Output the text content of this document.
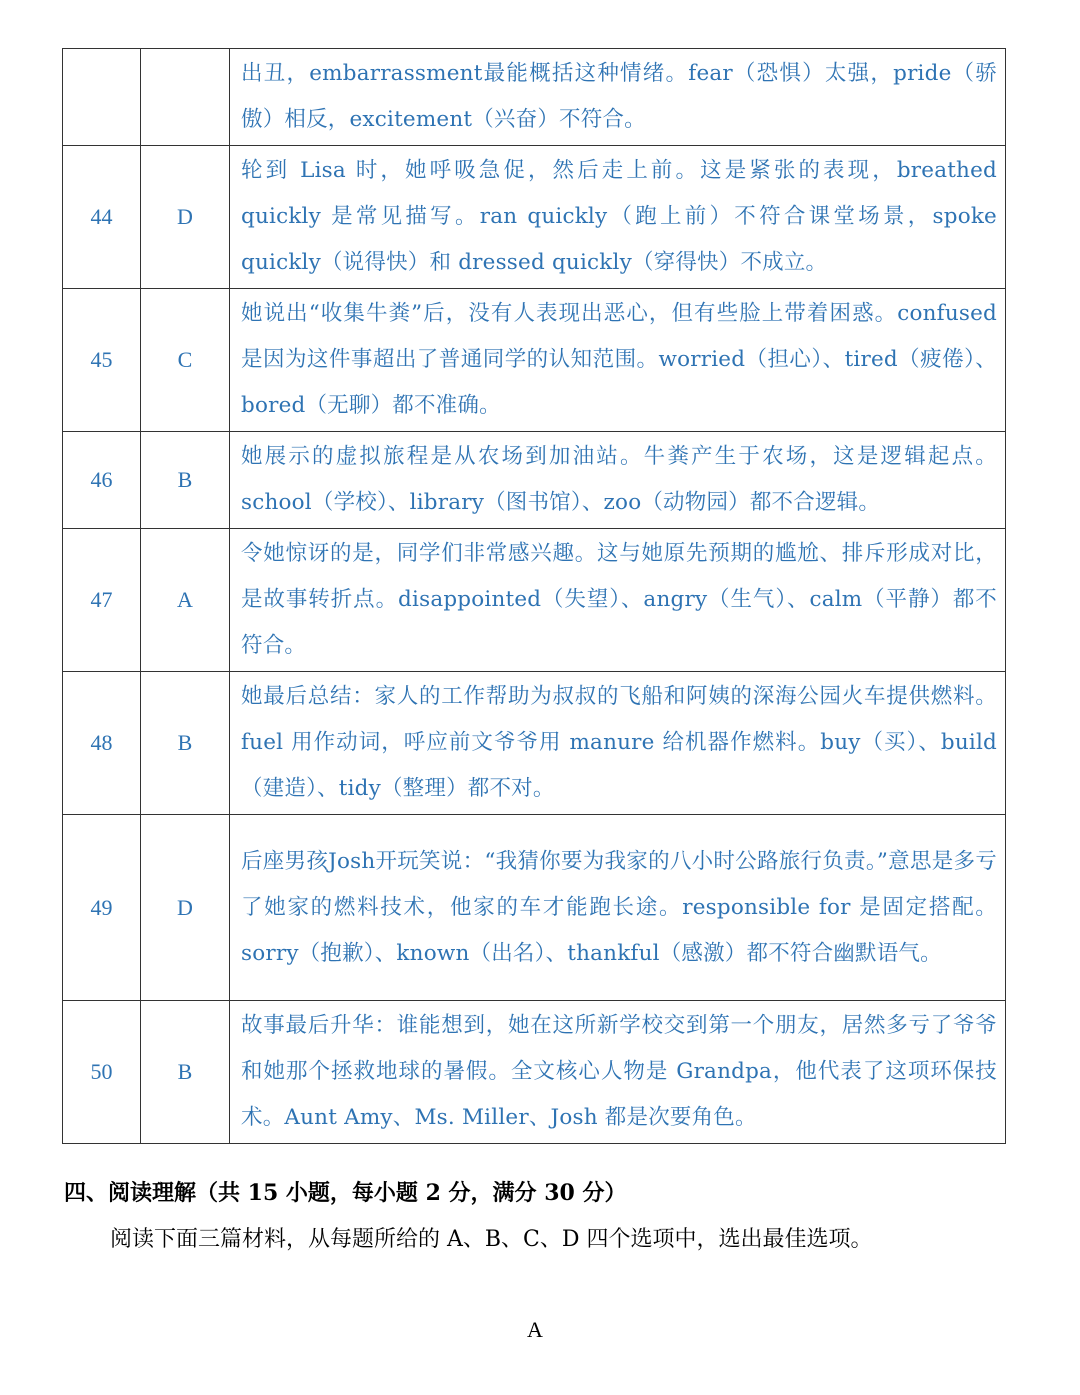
		出丑，embarrassment最能概括这种情绪。fear（恐惧）太强，pride（骄傲）相反，excitement（兴奋）不符合。
44	D	轮到 Lisa 时，她呼吸急促，然后走上前。这是紧张的表现，breathed quickly 是常见描写。ran quickly（跑上前）不符合课堂场景，spoke quickly（说得快）和 dressed quickly（穿得快）不成立。
45	C	她说出“收集牛粪”后，没有人表现出恶心，但有些脸上带着困惑。confused 是因为这件事超出了普通同学的认知范围。worried（担心）、tired（疲倦）、bored（无聊）都不准确。
46	B	她展示的虚拟旅程是从农场到加油站。牛粪产生于农场，这是逻辑起点。school（学校）、library（图书馆）、zoo（动物园）都不合逻辑。
47	A	令她惊讶的是，同学们非常感兴趣。这与她原先预期的尴尬、排斥形成对比，是故事转折点。disappointed（失望）、angry（生气）、calm（平静）都不符合。
48	B	她最后总结：家人的工作帮助为叔叔的飞船和阿姨的深海公园火车提供燃料。fuel 用作动词，呼应前文爷爷用 manure 给机器作燃料。buy（买）、build（建造）、tidy（整理）都不对。
49	D	后座男孩Josh开玩笑说：“我猜你要为我家的八小时公路旅行负责。”意思是多亏了她家的燃料技术，他家的车才能跑长途。responsible for 是固定搭配。sorry（抱歉）、known（出名）、thankful（感激）都不符合幽默语气。
50	B	故事最后升华：谁能想到，她在这所新学校交到第一个朋友，居然多亏了爷爷和她那个拯救地球的暑假。全文核心人物是 Grandpa，他代表了这项环保技术。Aunt Amy、Ms. Miller、Josh 都是次要角色。

四、阅读理解（共 15 小题，每小题 2 分，满分 30 分）

阅读下面三篇材料，从每题所给的 A、B、C、D 四个选项中，选出最佳选项。

A
